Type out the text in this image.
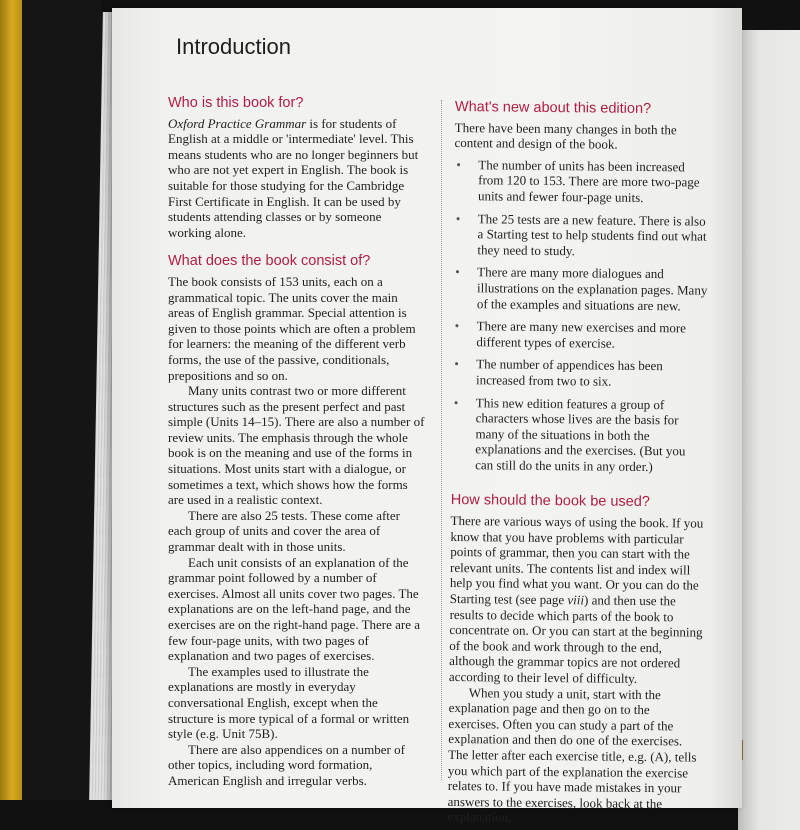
Introduction
Who is this book for?

Oxford Practice Grammar is for students of English at a middle or 'intermediate' level. This means students who are no longer beginners but who are not yet expert in English. The book is suitable for those studying for the Cambridge First Certificate in English. It can be used by students attending classes or by someone working alone.

What does the book consist of?

The book consists of 153 units, each on a grammatical topic. The units cover the main areas of English grammar. Special attention is given to those points which are often a problem for learners: the meaning of the different verb forms, the use of the passive, conditionals, prepositions and so on.

Many units contrast two or more different structures such as the present perfect and past simple (Units 14–15). There are also a number of review units. The emphasis through the whole book is on the meaning and use of the forms in situations. Most units start with a dialogue, or sometimes a text, which shows how the forms are used in a realistic context.

There are also 25 tests. These come after each group of units and cover the area of grammar dealt with in those units.

Each unit consists of an explanation of the grammar point followed by a number of exercises. Almost all units cover two pages. The explanations are on the left-hand page, and the exercises are on the right-hand page. There are a few four-page units, with two pages of explanation and two pages of exercises.

The examples used to illustrate the explanations are mostly in everyday conversational English, except when the structure is more typical of a formal or written style (e.g. Unit 75B).

There are also appendices on a number of other topics, including word formation, American English and irregular verbs.

What's new about this edition?

There have been many changes in both the content and design of the book.

• The number of units has been increased from 120 to 153. There are more two-page units and fewer four-page units.
• The 25 tests are a new feature. There is also a Starting test to help students find out what they need to study.
• There are many more dialogues and illustrations on the explanation pages. Many of the examples and situations are new.
• There are many new exercises and more different types of exercise.
• The number of appendices has been increased from two to six.
• This new edition features a group of characters whose lives are the basis for many of the situations in both the explanations and the exercises. (But you can still do the units in any order.)
How should the book be used?

There are various ways of using the book. If you know that you have problems with particular points of grammar, then you can start with the relevant units. The contents list and index will help you find what you want. Or you can do the Starting test (see page viii) and then use the results to decide which parts of the book to concentrate on. Or you can start at the beginning of the book and work through to the end, although the grammar topics are not ordered according to their level of difficulty.

When you study a unit, start with the explanation page and then go on to the exercises. Often you can study a part of the explanation and then do one of the exercises. The letter after each exercise title, e.g. (A), tells you which part of the explanation the exercise relates to. If you have made mistakes in your answers to the exercises, look back at the explanation.
